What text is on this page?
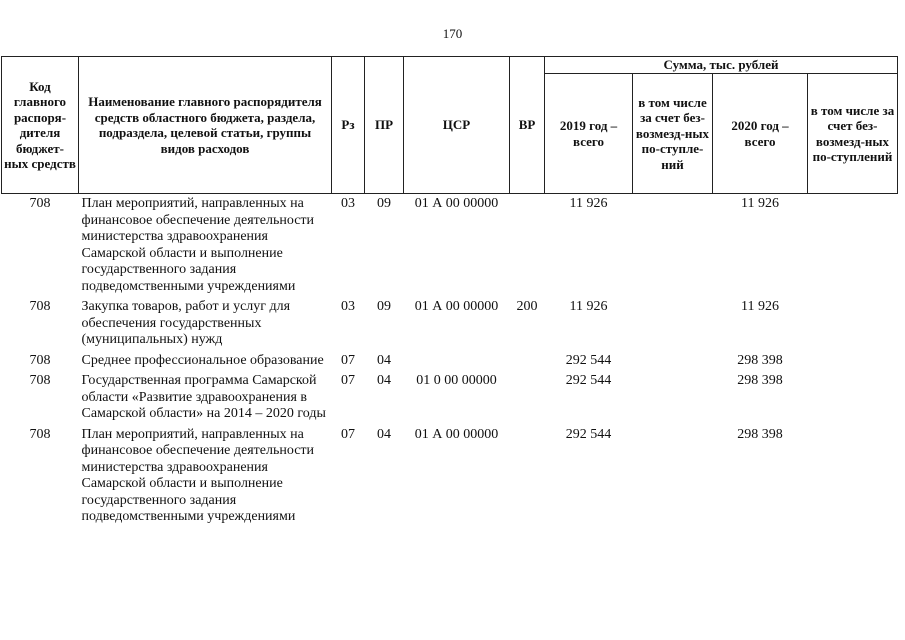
170
Код главного распоря-дителя бюджет-ных средств	Наименование главного распорядителя средств областного бюджета, раздела, подраздела, целевой статьи, группы видов расходов	Рз	ПР	ЦСР	ВР	Сумма, тыс. рублей			
						2019 год – всего	в том числе за счет без-возмезд-ных по-ступле-ний	2020 год – всего	в том числе за счет без-возмезд-ных по-ступлений
708	План мероприятий, направленных на финансовое обеспечение деятельности министерства здравоохранения Самарской области и выполнение государственного задания подведомственными учреждениями	03	09	01 А 00 00000		11 926		11 926	
708	Закупка товаров, работ и услуг для обеспечения государственных (муниципальных) нужд	03	09	01 А 00 00000	200	11 926		11 926	
708	Среднее профессиональное образование	07	04			292 544		298 398	
708	Государственная программа Самарской области «Развитие здравоохранения в Самарской области» на 2014 – 2020 годы	07	04	01 0 00 00000		292 544		298 398	
708	План мероприятий, направленных на финансовое обеспечение деятельности министерства здравоохранения Самарской области и выполнение государственного задания подведомственными учреждениями	07	04	01 А 00 00000		292 544		298 398	
